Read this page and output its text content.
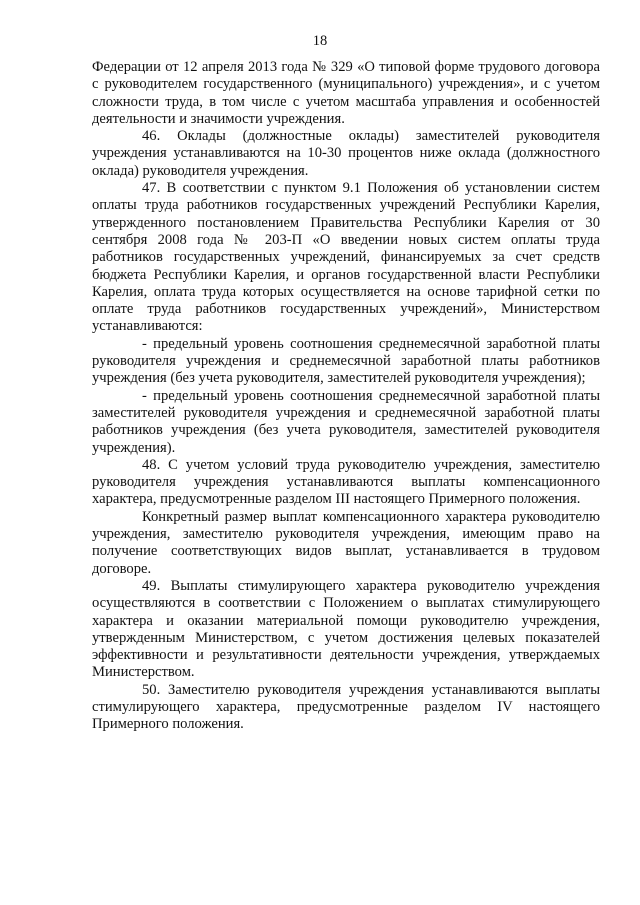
18

Федерации от 12 апреля 2013 года № 329 «О типовой форме трудового договора с руководителем государственного (муниципального) учреждения», и с учетом сложности труда, в том числе с учетом масштаба управления и особенностей деятельности и значимости учреждения.

46. Оклады (должностные оклады) заместителей руководителя учреждения устанавливаются на 10-30 процентов ниже оклада (должностного оклада) руководителя учреждения.

47. В соответствии с пунктом 9.1 Положения об установлении систем оплаты труда работников государственных учреждений Республики Карелия, утвержденного постановлением Правительства Республики Карелия от 30 сентября 2008 года № 203-П «О введении новых систем оплаты труда работников государственных учреждений, финансируемых за счет средств бюджета Республики Карелия, и органов государственной власти Республики Карелия, оплата труда которых осуществляется на основе тарифной сетки по оплате труда работников государственных учреждений», Министерством устанавливаются:

- предельный уровень соотношения среднемесячной заработной платы руководителя учреждения и среднемесячной заработной платы работников учреждения (без учета руководителя, заместителей руководителя учреждения);

- предельный уровень соотношения среднемесячной заработной платы заместителей руководителя учреждения и среднемесячной заработной платы работников учреждения (без учета руководителя, заместителей руководителя учреждения).

48. С учетом условий труда руководителю учреждения, заместителю руководителя учреждения устанавливаются выплаты компенсационного характера, предусмотренные разделом III настоящего Примерного положения.

Конкретный размер выплат компенсационного характера руководителю учреждения, заместителю руководителя учреждения, имеющим право на получение соответствующих видов выплат, устанавливается в трудовом договоре.

49. Выплаты стимулирующего характера руководителю учреждения осуществляются в соответствии с Положением о выплатах стимулирующего характера и оказании материальной помощи руководителю учреждения, утвержденным Министерством, с учетом достижения целевых показателей эффективности и результативности деятельности учреждения, утверждаемых Министерством.

50. Заместителю руководителя учреждения устанавливаются выплаты стимулирующего характера, предусмотренные разделом IV настоящего Примерного положения.
